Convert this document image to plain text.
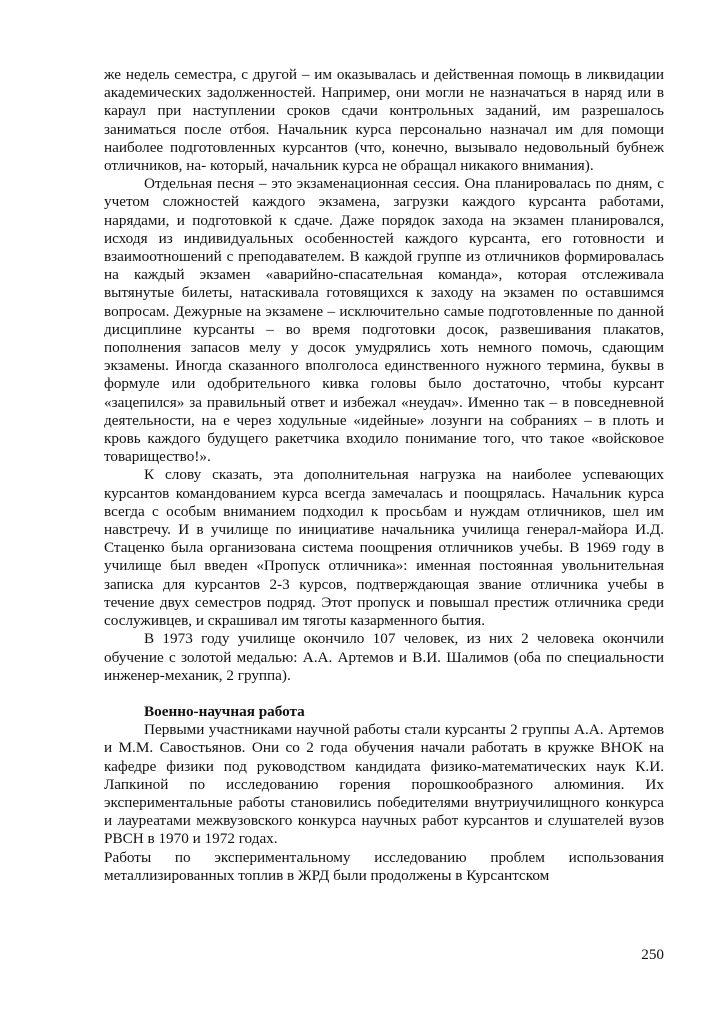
же недель семестра, с другой – им оказывалась и действенная помощь в ликвидации академических задолженностей. Например, они могли не назначаться в наряд или в караул при наступлении сроков сдачи контрольных заданий, им разрешалось заниматься после отбоя. Начальник курса персонально назначал им для помощи наиболее подготовленных курсантов (что, конечно, вызывало недовольный бубнеж отличников, на- который, начальник курса не обращал никакого внимания).

Отдельная песня – это экзаменационная сессия. Она планировалась по дням, с учетом сложностей каждого экзамена, загрузки каждого курсанта работами, нарядами, и подготовкой к сдаче. Даже порядок захода на экзамен планировался, исходя из индивидуальных особенностей каждого курсанта, его готовности и взаимоотношений с преподавателем. В каждой группе из отличников формировалась на каждый экзамен «аварийно-спасательная команда», которая отслеживала вытянутые билеты, натаскивала готовящихся к заходу на экзамен по оставшимся вопросам. Дежурные на экзамене – исключительно самые подготовленные по данной дисциплине курсанты – во время подготовки досок, развешивания плакатов, пополнения запасов мелу у досок умудрялись хоть немного помочь, сдающим экзамены. Иногда сказанного вполголоса единственного нужного термина, буквы в формуле или одобрительного кивка головы было достаточно, чтобы курсант «зацепился» за правильный ответ и избежал «неудач». Именно так – в повседневной деятельности, на е через ходульные «идейные» лозунги на собраниях – в плоть и кровь каждого будущего ракетчика входило понимание того, что такое «войсковое товарищество!».

К слову сказать, эта дополнительная нагрузка на наиболее успевающих курсантов командованием курса всегда замечалась и поощрялась. Начальник курса всегда с особым вниманием подходил к просьбам и нуждам отличников, шел им навстречу. И в училище по инициативе начальника училища генерал-майора И.Д. Стаценко была организована система поощрения отличников учебы. В 1969 году в училище был введен «Пропуск отличника»: именная постоянная увольнительная записка для курсантов 2-3 курсов, подтверждающая звание отличника учебы в течение двух семестров подряд. Этот пропуск и повышал престиж отличника среди сослуживцев, и скрашивал им тяготы казарменного бытия.

В 1973 году училище окончило 107 человек, из них 2 человека окончили обучение с золотой медалью: А.А. Артемов и В.И. Шалимов (оба по специальности инженер-механик, 2 группа).

Военно-научная работа

Первыми участниками научной работы стали курсанты 2 группы А.А. Артемов и М.М. Савостьянов. Они со 2 года обучения начали работать в кружке ВНОК на кафедре физики под руководством кандидата физико-математических наук К.И. Лапкиной по исследованию горения порошкообразного алюминия. Их экспериментальные работы становились победителями внутриучилищного конкурса и лауреатами межвузовского конкурса научных работ курсантов и слушателей вузов РВСН в 1970 и 1972 годах.

Работы по экспериментальному исследованию проблем использования металлизированных топлив в ЖРД были продолжены в Курсантском

250
